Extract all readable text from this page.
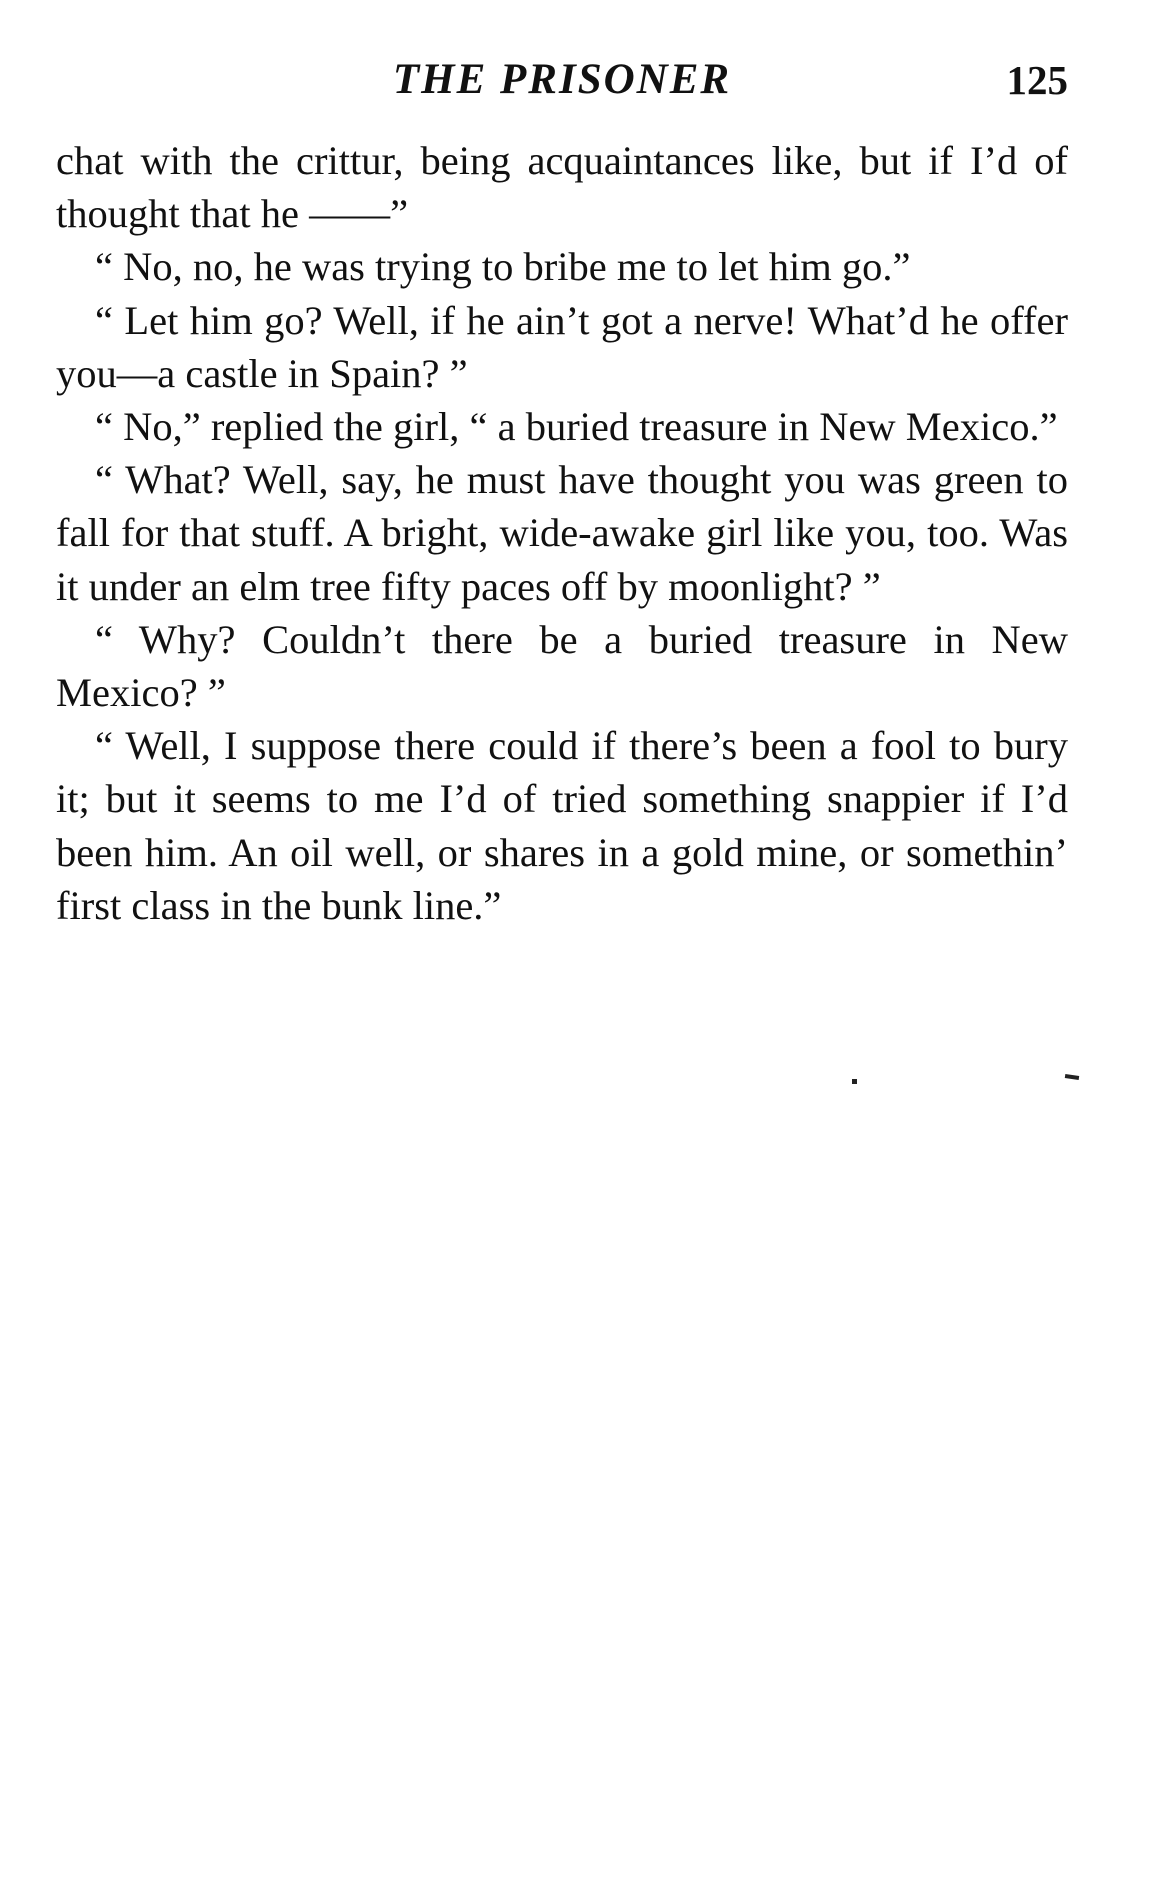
THE PRISONER	125

chat with the crittur, being acquaintances like, but if I’d of thought that he ——”

“ No, no, he was trying to bribe me to let him go.”

“ Let him go? Well, if he ain’t got a nerve! What’d he offer you—a castle in Spain? ”

“ No,” replied the girl, “ a buried treasure in New Mexico.”

“ What? Well, say, he must have thought you was green to fall for that stuff. A bright, wide-awake girl like you, too. Was it under an elm tree fifty paces off by moonlight? ”

“ Why? Couldn’t there be a buried treasure in New Mexico? ”

“ Well, I suppose there could if there’s been a fool to bury it; but it seems to me I’d of tried something snappier if I’d been him. An oil well, or shares in a gold mine, or somethin’ first class in the bunk line.”
